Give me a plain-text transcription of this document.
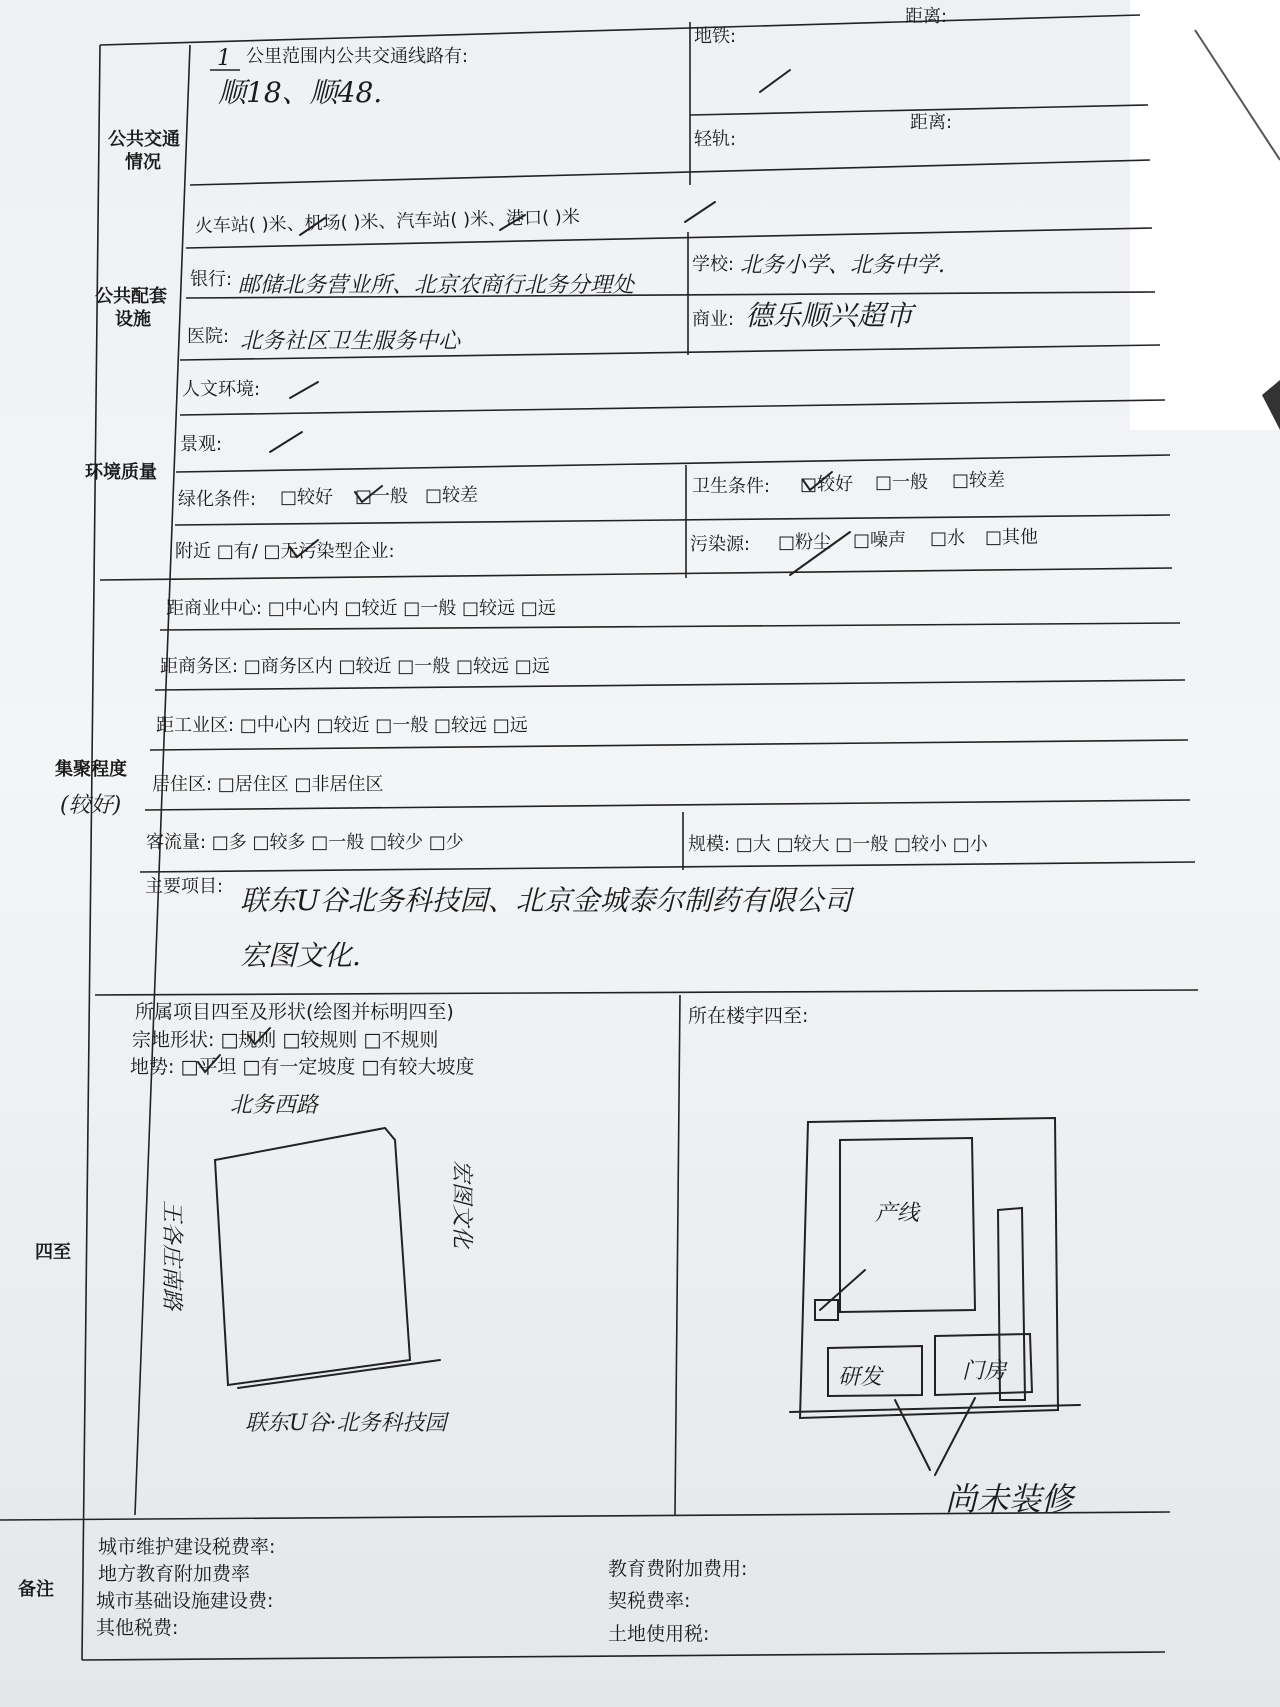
公共交通
情况
1 公里范围内公共交通线路有:
顺18、顺48.
地铁:
距离:
轻轨:
距离:
火车站( )米、机场( )米、汽车站( )米、港口( )米
公共配套
设施
银行: 邮储北务营业所、北京农商行北务分理处
学校: 北务小学、北务中学.
医院: 北务社区卫生服务中心
商业: 德乐顺兴超市
环境质量
人文环境:
景观:
绿化条件: □较好 □一般 □较差	卫生条件: □较好 □一般 □较差
附近 □有/ □无污染型企业:	污染源: □粉尘 □噪声 □水 □其他
集聚程度
(较好)
距商业中心: □中心内 □较近 □一般 □较远 □远
距商务区: □商务区内 □较近 □一般 □较远 □远
距工业区: □中心内 □较近 □一般 □较远 □远
居住区: □居住区 □非居住区
客流量: □多 □较多 □一般 □较少 □少	规模: □大 □较大 □一般 □较小 □小
主要项目: 联东U谷北务科技园、北京金城泰尔制药有限公司
宏图文化.
四至
所属项目四至及形状(绘图并标明四至)
宗地形状: □规则 □较规则 □不规则
地势: □平坦 □有一定坡度 □有较大坡度
所在楼宇四至:
北务西路
宏图文化
王各庄南路
联东U谷·北务科技园
产线
研发	门房
尚未装修
备注
城市维护建设税费率:
地方教育附加费率
城市基础设施建设费:
其他税费:
教育费附加费用:
契税费率:
土地使用税:
